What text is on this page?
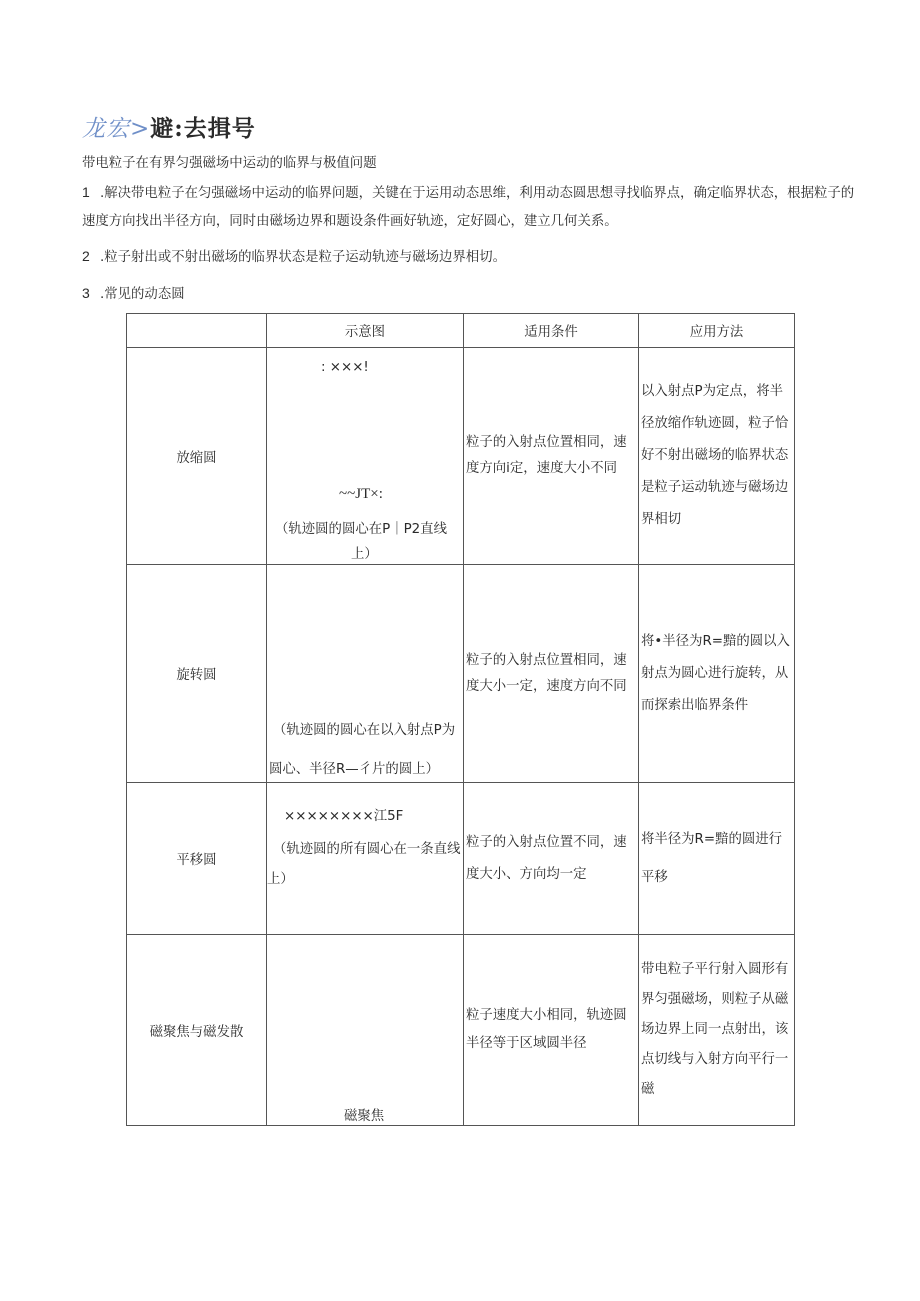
龙宏>避:去揖号
带电粒子在有界匀强磁场中运动的临界与极值问题
1 .解决带电粒子在匀强磁场中运动的临界问题，关键在于运用动态思维，利用动态圆思想寻找临界点，确定临界状态，根据粒子的速度方向找出半径方向，同时由磁场边界和题设条件画好轨迹，定好圆心，建立几何关系。
2 .粒子射出或不射出磁场的临界状态是粒子运动轨迹与磁场边界相切。
3 .常见的动态圆
	示意图	适用条件	应用方法
放缩圆	: ×××!
~~JT×:
（轨迹圆的圆心在P｜P2直线
上）	粒子的入射点位置相同，速度方向i定，速度大小不同	以入射点P为定点，将半径放缩作轨迹圆，粒子恰好不射出磁场的临界状态是粒子运动轨迹与磁场边界相切

旋转圆	（轨迹圆的圆心在以入射点P为
圆心、半径R—彳片的圆上）	粒子的入射点位置相同，速度大小一定，速度方向不同	将•半径为R=黯的圆以入射点为圆心进行旋转，从而探索出临界条件

平移圆	××××××××江5F
（轨迹圆的所有圆心在一条直线
上）	粒子的入射点位置不同，速度大小、方向均一定	将半径为R=黯的圆进行平移

磁聚焦与磁发散	磁聚焦	粒子速度大小相同，轨迹圆半径等于区域圆半径	带电粒子平行射入圆形有界匀强磁场，则粒子从磁场边界上同一点射出，该点切线与入射方向平行一磁
